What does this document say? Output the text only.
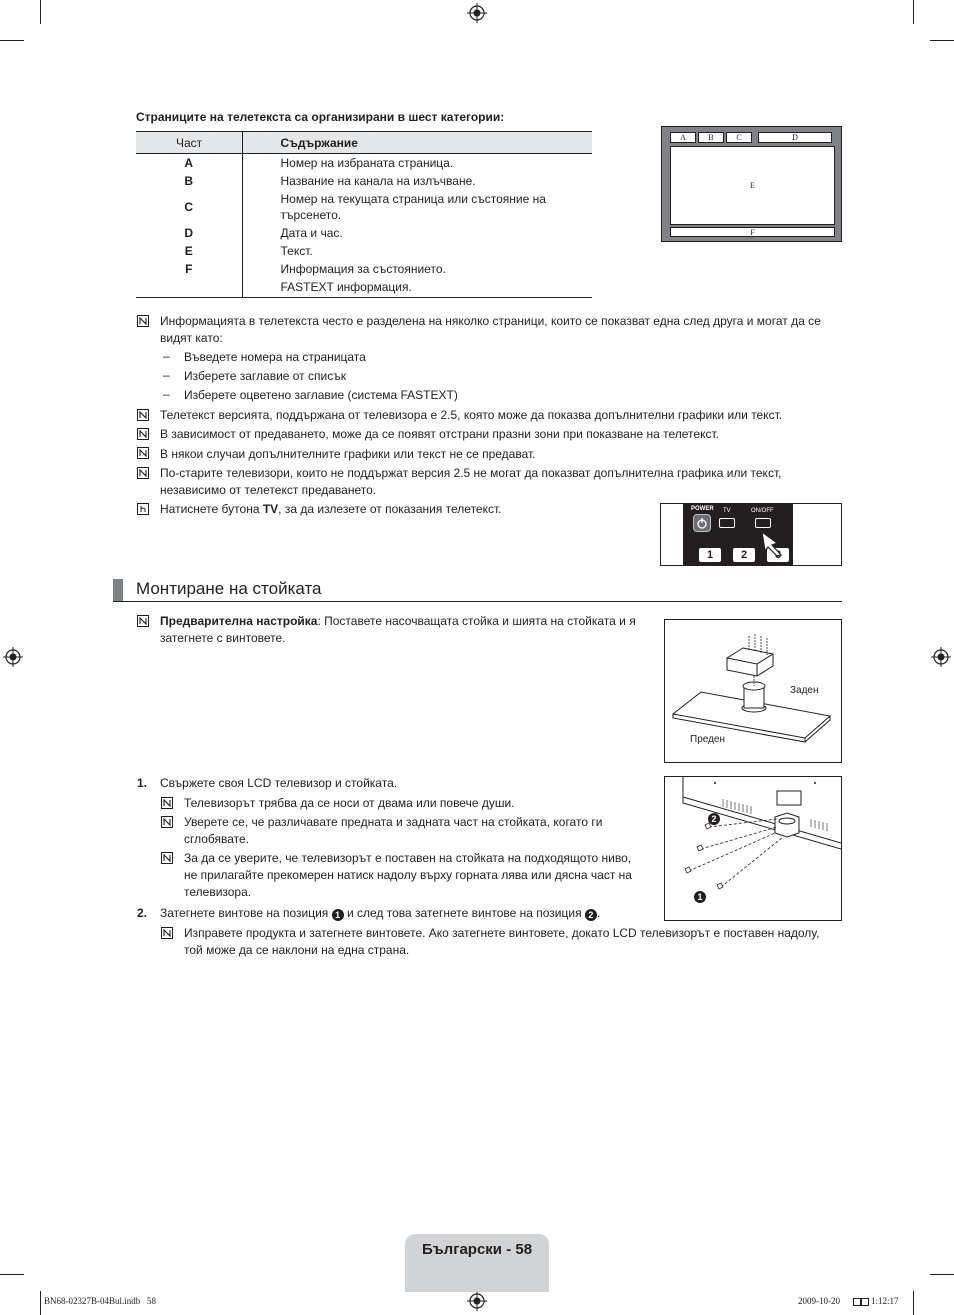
Страниците на телетекста са организирани в шест категории:
Част	Съдържание
A	Номер на избраната страница.
B	Название на канала на излъчване.
C	Номер на текущата страница или състояние на търсенето.
D	Дата и час.
E	Текст.
F	Информация за състоянието.
	FASTEXT информация.
A	B	C	D
E
F
Информацията в телетекста често е разделена на няколко страници, които се показват една след друга и могат да се видят като:
– Въведете номера на страницата
– Изберете заглавие от списък
– Изберете оцветено заглавие (система FASTEXT)
Телетекст версията, поддържана от телевизора е 2.5, която може да показва допълнителни графики или текст.
В зависимост от предаването, може да се появят отстрани празни зони при показване на телетекст.
В някои случаи допълнителните графики или текст не се предават.
По-старите телевизори, които не поддържат версия 2.5 не могат да показват допълнителна графика или текст, независимо от телетекст предаването.
Натиснете бутона TV, за да излезете от показания телетекст.	POWER TV	ON/OFF
1	2
Монтиране на стойката
Предварителна настройка: Поставете насочващата стойка и шията на стойката и я затегнете с винтовете.
Заден
Преден
1. Свържете своя LCD телевизор и стойката.
Телевизорът трябва да се носи от двама или повече души.
Уверете се, че различавате предната и задната част на стойката, когато ги сглобявате.
За да се уверите, че телевизорът е поставен на стойката на подходящото ниво, не прилагайте прекомерен натиск надолу върху горната лява или дясна част на телевизора.
2
1
2. Затегнете винтове на позиция 1 и след това затегнете винтове на позиция 2 .
Изправете продукта и затегнете винтовете. Ако затегнете винтовете, докато LCD телевизорът е поставен надолу, той може да се наклони на една страна.
Български - 58
BN68-02327B-04Bul.indb   58	2009-10-20	1:12:17
